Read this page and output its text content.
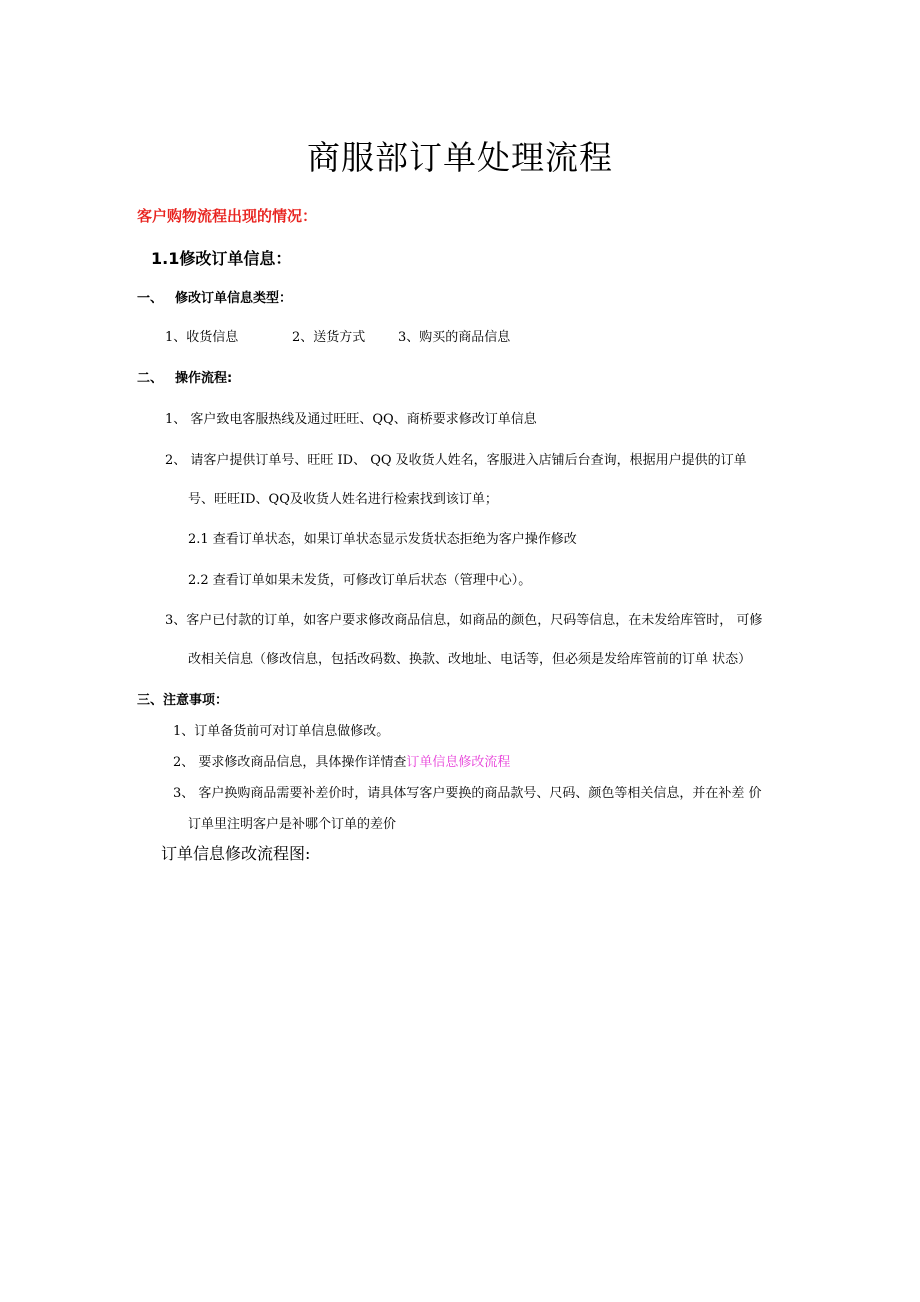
商服部订单处理流程
客户购物流程出现的情况：
1.1修改订单信息：
一、 修改订单信息类型：
1、收货信息	2、送货方式	3、购买的商品信息
二、 操作流程:
1、 客户致电客服热线及通过旺旺、QQ、商桥要求修改订单信息
2、 请客户提供订单号、旺旺 ID、 QQ 及收货人姓名，客服进入店铺后台查询，根据用户提供的订单
号、旺旺ID、QQ及收货人姓名进行检索找到该订单；
2.1 查看订单状态，如果订单状态显示发货状态拒绝为客户操作修改
2.2 查看订单如果未发货，可修改订单后状态（管理中心）。
3、客户已付款的订单，如客户要求修改商品信息，如商品的颜色，尺码等信息，在未发给库管时， 可修
改相关信息（修改信息，包括改码数、换款、改地址、电话等，但必须是发给库管前的订单 状态）
三、注意事项：
1、订单备货前可对订单信息做修改。
2、 要求修改商品信息，具体操作详情查订单信息修改流程
3、 客户换购商品需要补差价时，请具体写客户要换的商品款号、尺码、颜色等相关信息，并在补差 价
订单里注明客户是补哪个订单的差价
订单信息修改流程图:
